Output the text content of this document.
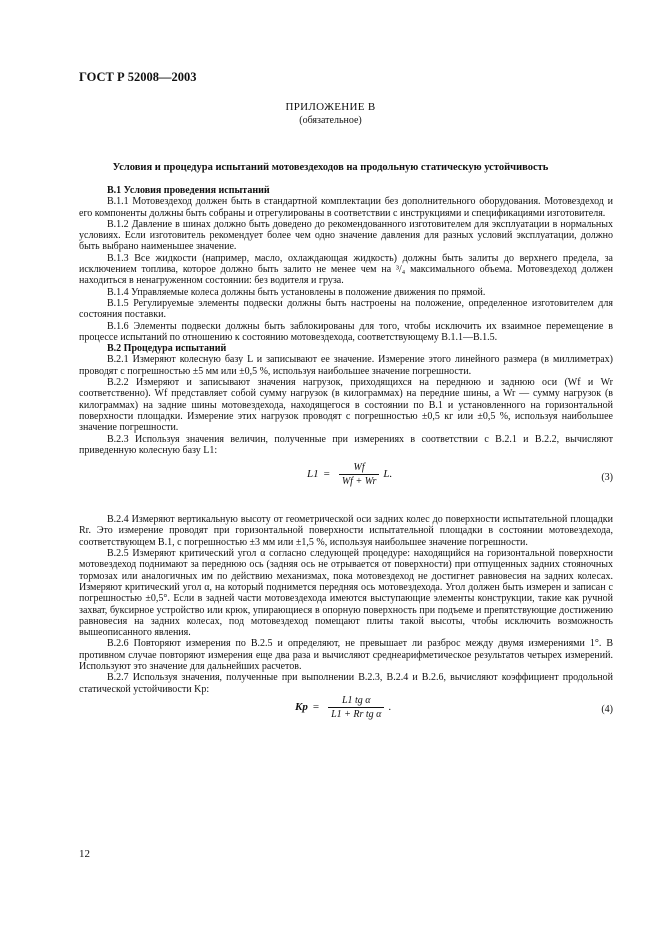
ГОСТ Р 52008—2003
ПРИЛОЖЕНИЕ В
(обязательное)
Условия и процедура испытаний мотовездеходов на продольную статическую устойчивость
В.1 Условия проведения испытаний

В.1.1 Мотовездеход должен быть в стандартной комплектации без дополнительного оборудования. Мотовездеход и его компоненты должны быть собраны и отрегулированы в соответствии с инструкциями и спецификациями изготовителя.

В.1.2 Давление в шинах должно быть доведено до рекомендованного изготовителем для эксплуатации в нормальных условиях. Если изготовитель рекомендует более чем одно значение давления для разных условий эксплуатации, должно быть выбрано наименьшее значение.

В.1.3 Все жидкости (например, масло, охлаждающая жидкость) должны быть залиты до верхнего предела, за исключением топлива, которое должно быть залито не менее чем на ³/₄ максимального объема. Мотовездеход должен находиться в ненагруженном состоянии: без водителя и груза.

В.1.4 Управляемые колеса должны быть установлены в положение движения по прямой.

В.1.5 Регулируемые элементы подвески должны быть настроены на положение, определенное изготовителем для состояния поставки.

В.1.6 Элементы подвески должны быть заблокированы для того, чтобы исключить их взаимное перемещение в процессе испытаний по отношению к состоянию мотовездехода, соответствующему В.1.1—В.1.5.

В.2 Процедура испытаний

В.2.1 Измеряют колесную базу L и записывают ее значение. Измерение этого линейного размера (в миллиметрах) проводят с погрешностью ±5 мм или ±0,5 %, используя наибольшее значение погрешности.

В.2.2 Измеряют и записывают значения нагрузок, приходящихся на переднюю и заднюю оси (Wf и Wr соответственно). Wf представляет собой сумму нагрузок (в килограммах) на передние шины, а Wr — сумму нагрузок (в килограммах) на задние шины мотовездехода, находящегося в состоянии по В.1 и установленного на горизонтальной поверхности площадки. Измерение этих нагрузок проводят с погрешностью ±0,5 кг или ±0,5 %, используя наибольшее значение погрешности.

В.2.3 Используя значения величин, полученные при измерениях в соответствии с В.2.1 и В.2.2, вычисляют приведенную колесную базу L1:

$L1 = \frac{Wf}{Wf + Wr} L$.	(3)

В.2.4 Измеряют вертикальную высоту от геометрической оси задних колес до поверхности испытательной площадки Rr. Это измерение проводят при горизонтальной поверхности испытательной площадки в состоянии мотовездехода, соответствующем В.1, с погрешностью ±3 мм или ±1,5 %, используя наибольшее значение погрешности.

В.2.5 Измеряют критический угол α согласно следующей процедуре: находящийся на горизонтальной поверхности мотовездеход поднимают за переднюю ось (задняя ось не отрывается от поверхности) при отпущенных задних стояночных тормозах или аналогичных им по действию механизмах, пока мотовездеход не достигнет равновесия на задних колесах. Измеряют критический угол α, на который поднимется передняя ось мотовездехода. Угол должен быть измерен и записан с погрешностью ±0,5°. Если в задней части мотовездехода имеются выступающие элементы конструкции, такие как ручной захват, буксирное устройство или крюк, упирающиеся в опорную поверхность при подъеме и препятствующие достижению равновесия на задних колесах, под мотовездеход помещают плиты такой высоты, чтобы исключить возможность вышеописанного явления.

В.2.6 Повторяют измерения по В.2.5 и определяют, не превышает ли разброс между двумя измерениями 1°. В противном случае повторяют измерения еще два раза и вычисляют среднеарифметическое результатов четырех измерений. Используют это значение для дальнейших расчетов.

В.2.7 Используя значения, полученные при выполнении В.2.3, В.2.4 и В.2.6, вычисляют коэффициент продольной статической устойчивости Kp:

$Kp = \frac{\text{L1 tg α}}{\text{L1 + Rr tg α}}$ .	(4)
12
